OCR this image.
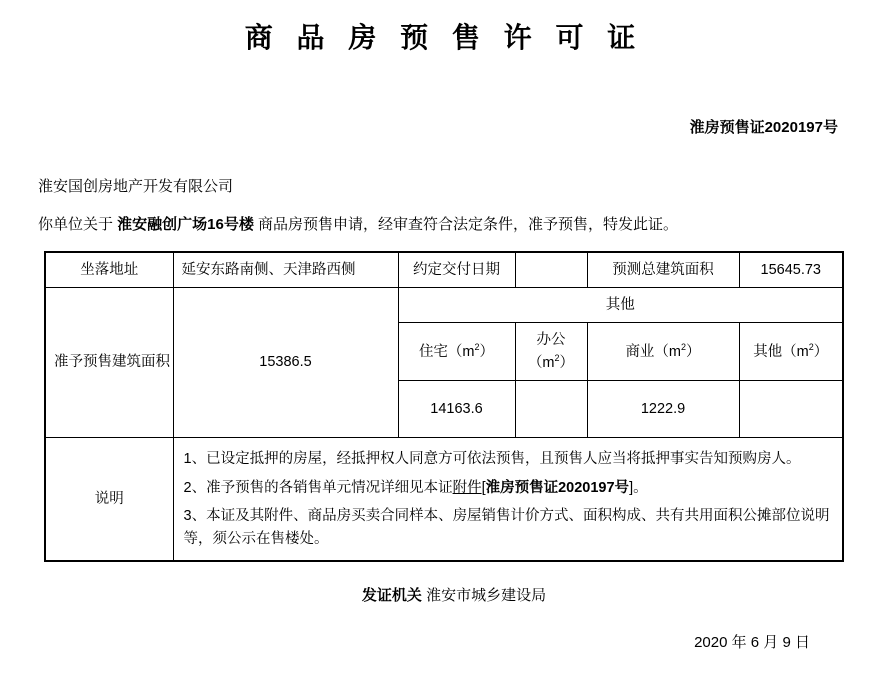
商 品 房 预 售 许 可 证
淮房预售证2020197号
淮安国创房地产开发有限公司
你单位关于 淮安融创广场16号楼 商品房预售申请，经审查符合法定条件，准予预售，特发此证。
坐落地址	延安东路南侧、天津路西侧	约定交付日期		预测总建筑面积	15645.73
准予预售建筑面积	15386.5	其他			
		住宅$(m^2)$	办公$(m^2)$	商业$(m^2)$	其他$(m^2)$
		14163.6		1222.9	
说明	1、已设定抵押的房屋，经抵押权人同意方可依法预售，且预售人应当将抵押事实告知预购房人。
2、准予预售的各销售单元情况详细见本证附件[淮房预售证2020197号]。
3、本证及其附件、商品房买卖合同样本、房屋销售计价方式、面积构成、共有共用面积公摊部位说明等，须公示在售楼处。				
发证机关 淮安市城乡建设局
2020 年 6 月 9 日
